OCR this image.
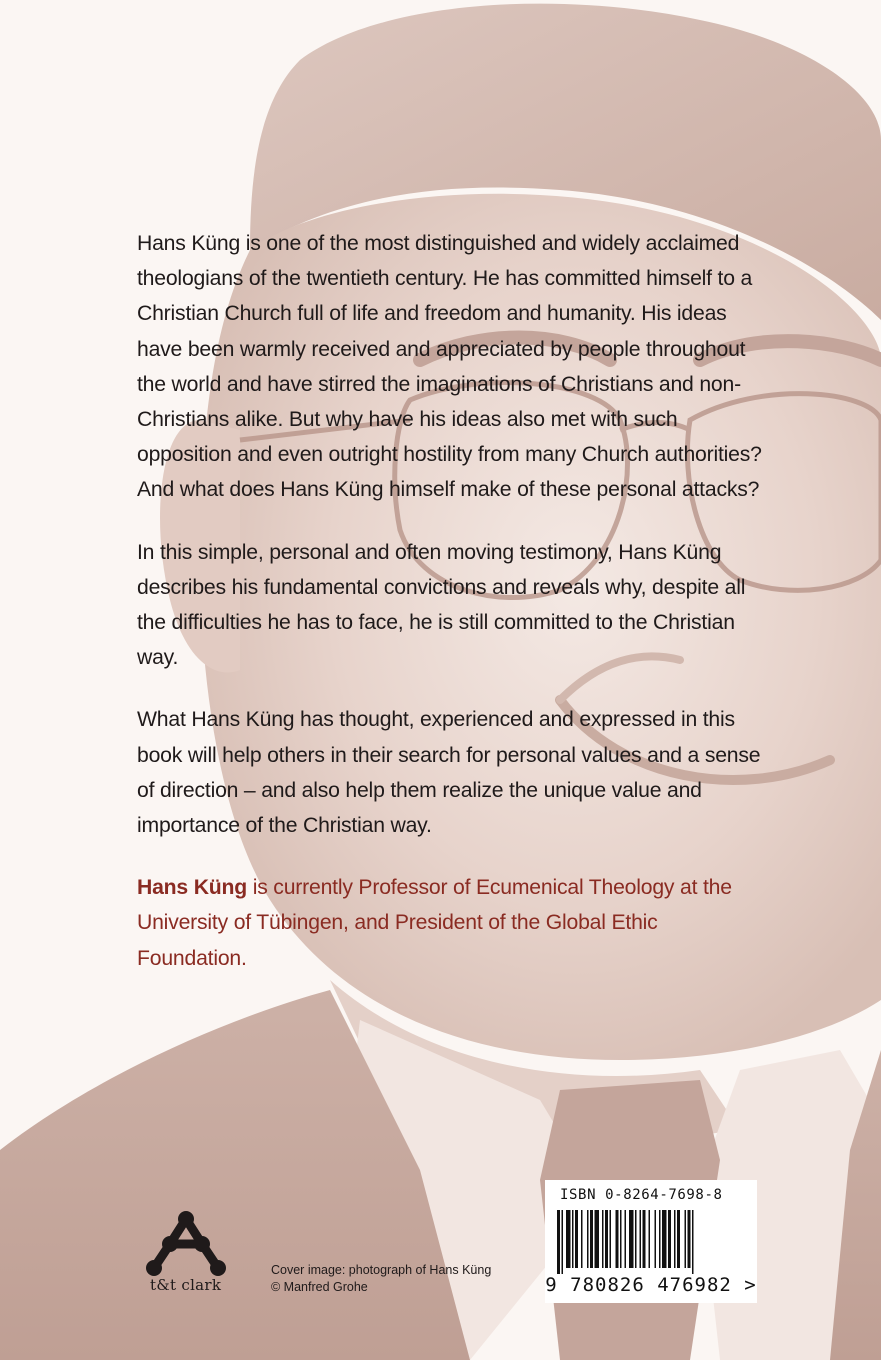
Hans Küng is one of the most distinguished and widely acclaimed theologians of the twentieth century. He has committed himself to a Christian Church full of life and freedom and humanity. His ideas have been warmly received and appreciated by people throughout the world and have stirred the imaginations of Christians and non-Christians alike. But why have his ideas also met with such opposition and even outright hostility from many Church authorities? And what does Hans Küng himself make of these personal attacks?

In this simple, personal and often moving testimony, Hans Küng describes his fundamental convictions and reveals why, despite all the difficulties he has to face, he is still committed to the Christian way.

What Hans Küng has thought, experienced and expressed in this book will help others in their search for personal values and a sense of direction – and also help them realize the unique value and importance of the Christian way.

Hans Küng is currently Professor of Ecumenical Theology at the University of Tübingen, and President of the Global Ethic Foundation.

t&t clark
Cover image: photograph of Hans Küng
© Manfred Grohe
ISBN 0-8264-7698-8
9 780826 476982 >
